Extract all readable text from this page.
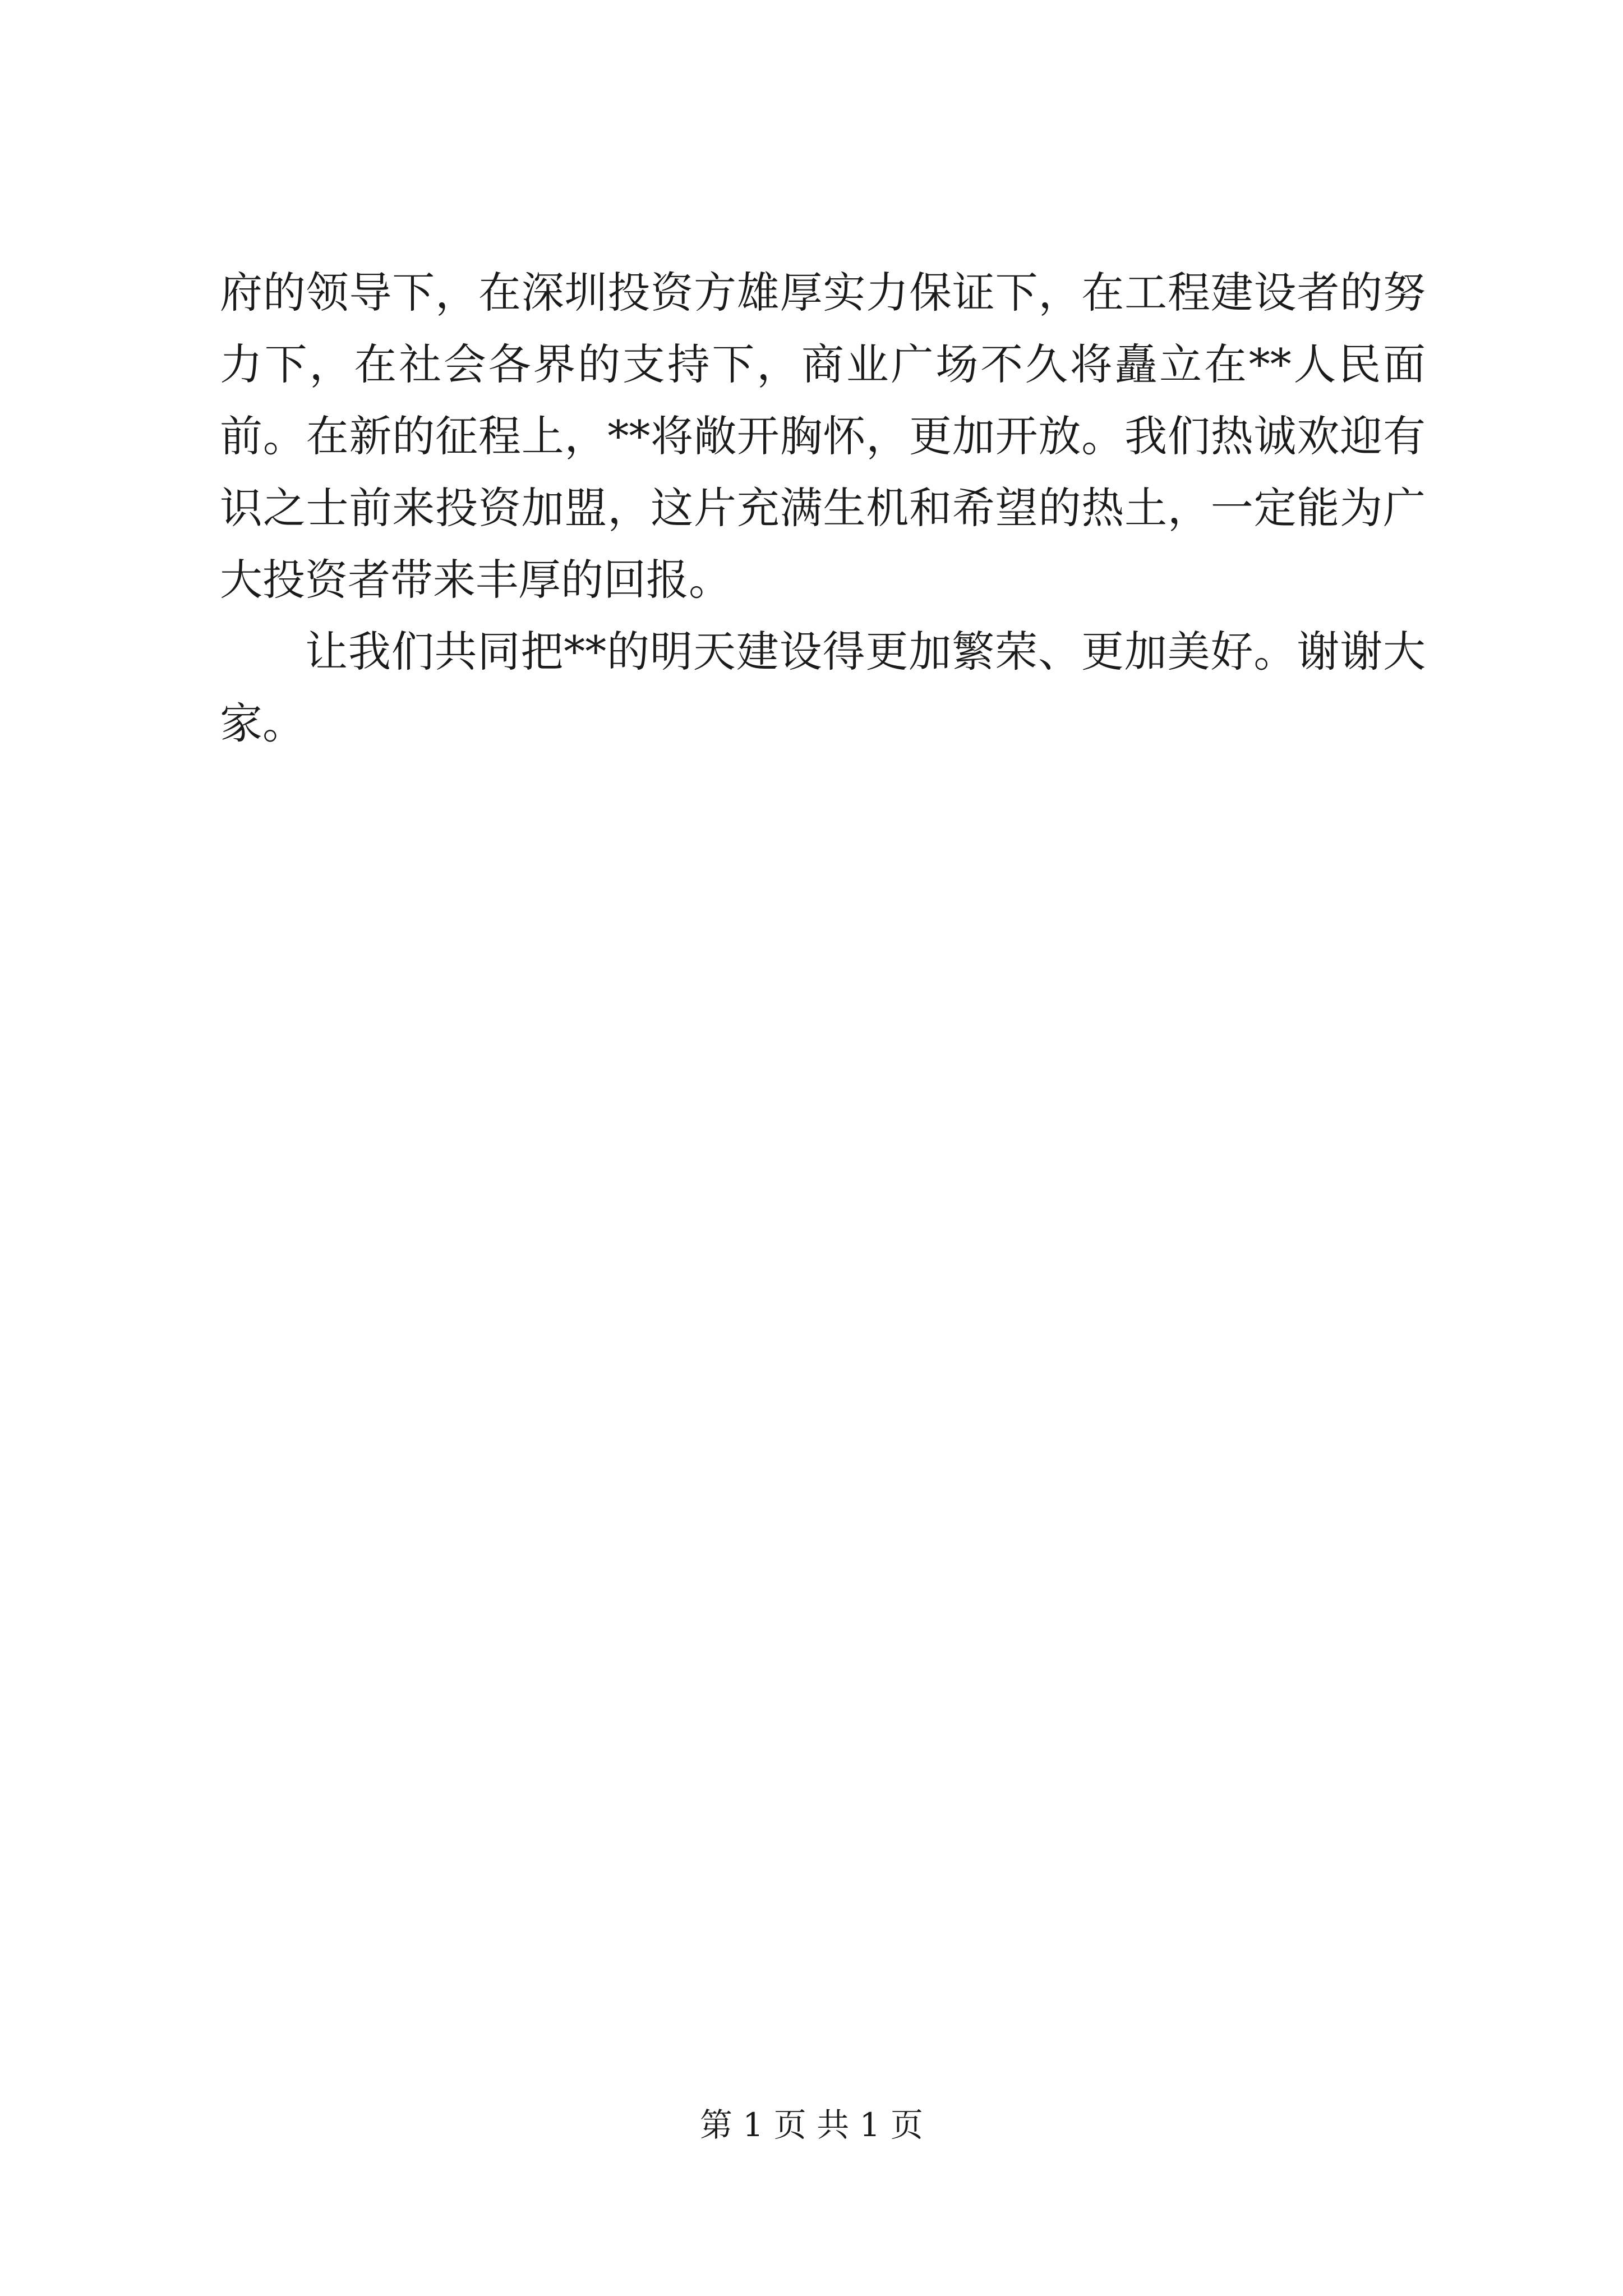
府的领导下，在深圳投资方雄厚实力保证下，在工程建设者的努力下，在社会各界的支持下，商业广场不久将矗立在**人民面前。在新的征程上，**将敞开胸怀，更加开放。我们热诚欢迎有识之士前来投资加盟，这片充满生机和希望的热土，一定能为广大投资者带来丰厚的回报。

让我们共同把**的明天建设得更加繁荣、更加美好。谢谢大家。

第 1 页 共 1 页
